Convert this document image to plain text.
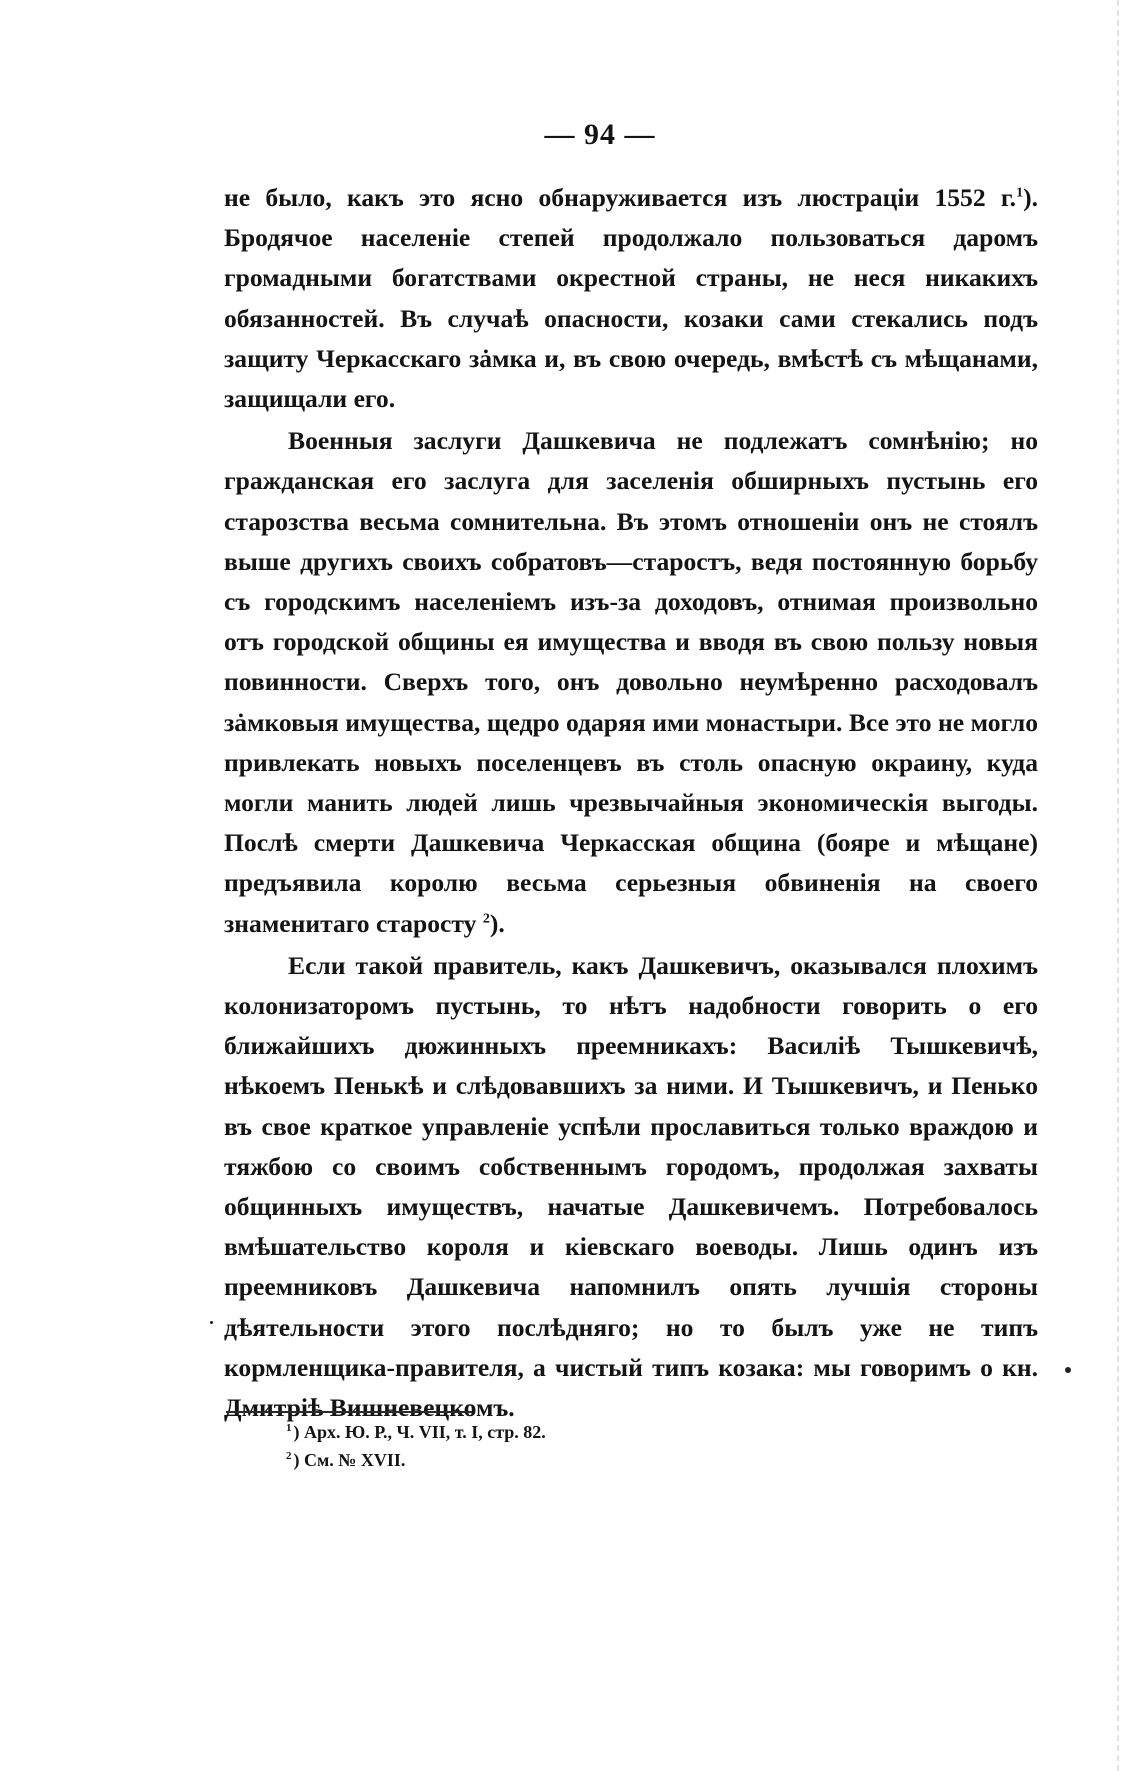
— 94 —

не было, какъ это ясно обнаруживается изъ люстраціи 1552 г.$^1$). Бродячое населеніе степей продолжало пользоваться даромъ громадными богатствами окрестной страны, не неся никакихъ обязанностей. Въ случаѣ опасности, козаки сами стекались подъ защиту Черкасскаго зȧмка и, въ свою очередь, вмѣстѣ съ мѣщанами, защищали его.

Военныя заслуги Дашкевича не подлежатъ сомнѣнію; но гражданская его заслуга для заселенія обширныхъ пустынь его старозства весьма сомнительна. Въ этомъ отношеніи онъ не стоялъ выше другихъ своихъ собратовъ—старостъ, ведя постоянную борьбу съ городскимъ населеніемъ изъ-за доходовъ, отнимая произвольно отъ городской общины ея имущества и вводя въ свою пользу новыя повинности. Сверхъ того, онъ довольно неумѣренно расходовалъ зȧмковыя имущества, щедро одаряя ими монастыри. Все это не могло привлекать новыхъ поселенцевъ въ столь опасную окраину, куда могли манить людей лишь чрезвычайныя экономическія выгоды. Послѣ смерти Дашкевича Черкасская община (бояре и мѣщане) предъявила королю весьма серьезныя обвиненія на своего знаменитаго старосту $^2$).

Если такой правитель, какъ Дашкевичъ, оказывался плохимъ колонизаторомъ пустынь, то нѣтъ надобности говорить о его ближайшихъ дюжинныхъ преемникахъ: Василіѣ Тышкевичѣ, нѣкоемъ Пенькѣ и слѣдовавшихъ за ними. И Тышкевичъ, и Пенько въ свое краткое управленіе успѣли прославиться только враждою и тяжбою со своимъ собственнымъ городомъ, продолжая захваты общинныхъ имуществъ, начатые Дашкевичемъ. Потребовалось вмѣшательство короля и кіевскаго воеводы. Лишь одинъ изъ преемниковъ Дашкевича напомнилъ опять лучшія стороны дѣятельности этого послѣдняго; но то былъ уже не типъ кормленщика-правителя, а чистый типъ козака: мы говоримъ о кн. Дмитріѣ Вишневецкомъ.

$^1$ ) Арх. Ю. Р., Ч. VII, т. I, стр. 82.
$^2$ ) См. № XVII.
